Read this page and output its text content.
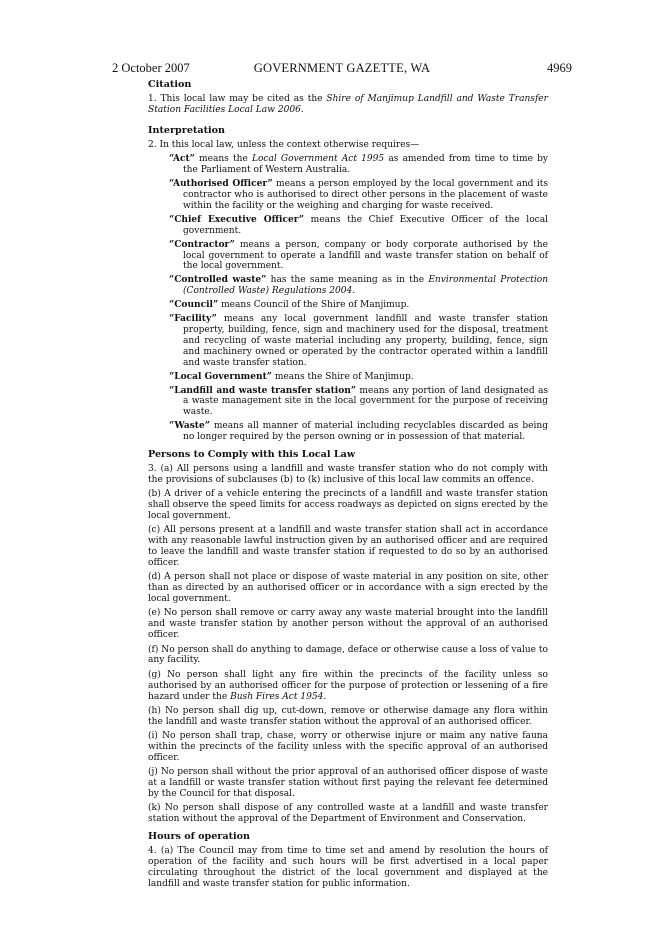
2 October 2007	GOVERNMENT GAZETTE, WA	4969
Citation
1. This local law may be cited as the Shire of Manjimup Landfill and Waste Transfer Station Facilities Local Law 2006.
Interpretation
2. In this local law, unless the context otherwise requires—
“Act” means the Local Government Act 1995 as amended from time to time by the Parliament of Western Australia.
“Authorised Officer” means a person employed by the local government and its contractor who is authorised to direct other persons in the placement of waste within the facility or the weighing and charging for waste received.
“Chief Executive Officer” means the Chief Executive Officer of the local government.
“Contractor” means a person, company or body corporate authorised by the local government to operate a landfill and waste transfer station on behalf of the local government.
“Controlled waste” has the same meaning as in the Environmental Protection (Controlled Waste) Regulations 2004.
“Council” means Council of the Shire of Manjimup.
“Facility” means any local government landfill and waste transfer station property, building, fence, sign and machinery used for the disposal, treatment and recycling of waste material including any property, building, fence, sign and machinery owned or operated by the contractor operated within a landfill and waste transfer station.
“Local Government” means the Shire of Manjimup.
“Landfill and waste transfer station” means any portion of land designated as a waste management site in the local government for the purpose of receiving waste.
“Waste” means all manner of material including recyclables discarded as being no longer required by the person owning or in possession of that material.
Persons to Comply with this Local Law
3. (a) All persons using a landfill and waste transfer station who do not comply with the provisions of subclauses (b) to (k) inclusive of this local law commits an offence.
(b) A driver of a vehicle entering the precincts of a landfill and waste transfer station shall observe the speed limits for access roadways as depicted on signs erected by the local government.
(c) All persons present at a landfill and waste transfer station shall act in accordance with any reasonable lawful instruction given by an authorised officer and are required to leave the landfill and waste transfer station if requested to do so by an authorised officer.
(d) A person shall not place or dispose of waste material in any position on site, other than as directed by an authorised officer or in accordance with a sign erected by the local government.
(e) No person shall remove or carry away any waste material brought into the landfill and waste transfer station by another person without the approval of an authorised officer.
(f) No person shall do anything to damage, deface or otherwise cause a loss of value to any facility.
(g) No person shall light any fire within the precincts of the facility unless so authorised by an authorised officer for the purpose of protection or lessening of a fire hazard under the Bush Fires Act 1954.
(h) No person shall dig up, cut-down, remove or otherwise damage any flora within the landfill and waste transfer station without the approval of an authorised officer.
(i) No person shall trap, chase, worry or otherwise injure or maim any native fauna within the precincts of the facility unless with the specific approval of an authorised officer.
(j) No person shall without the prior approval of an authorised officer dispose of waste at a landfill or waste transfer station without first paying the relevant fee determined by the Council for that disposal.
(k) No person shall dispose of any controlled waste at a landfill and waste transfer station without the approval of the Department of Environment and Conservation.
Hours of operation
4. (a) The Council may from time to time set and amend by resolution the hours of operation of the facility and such hours will be first advertised in a local paper circulating throughout the district of the local government and displayed at the landfill and waste transfer station for public information.
